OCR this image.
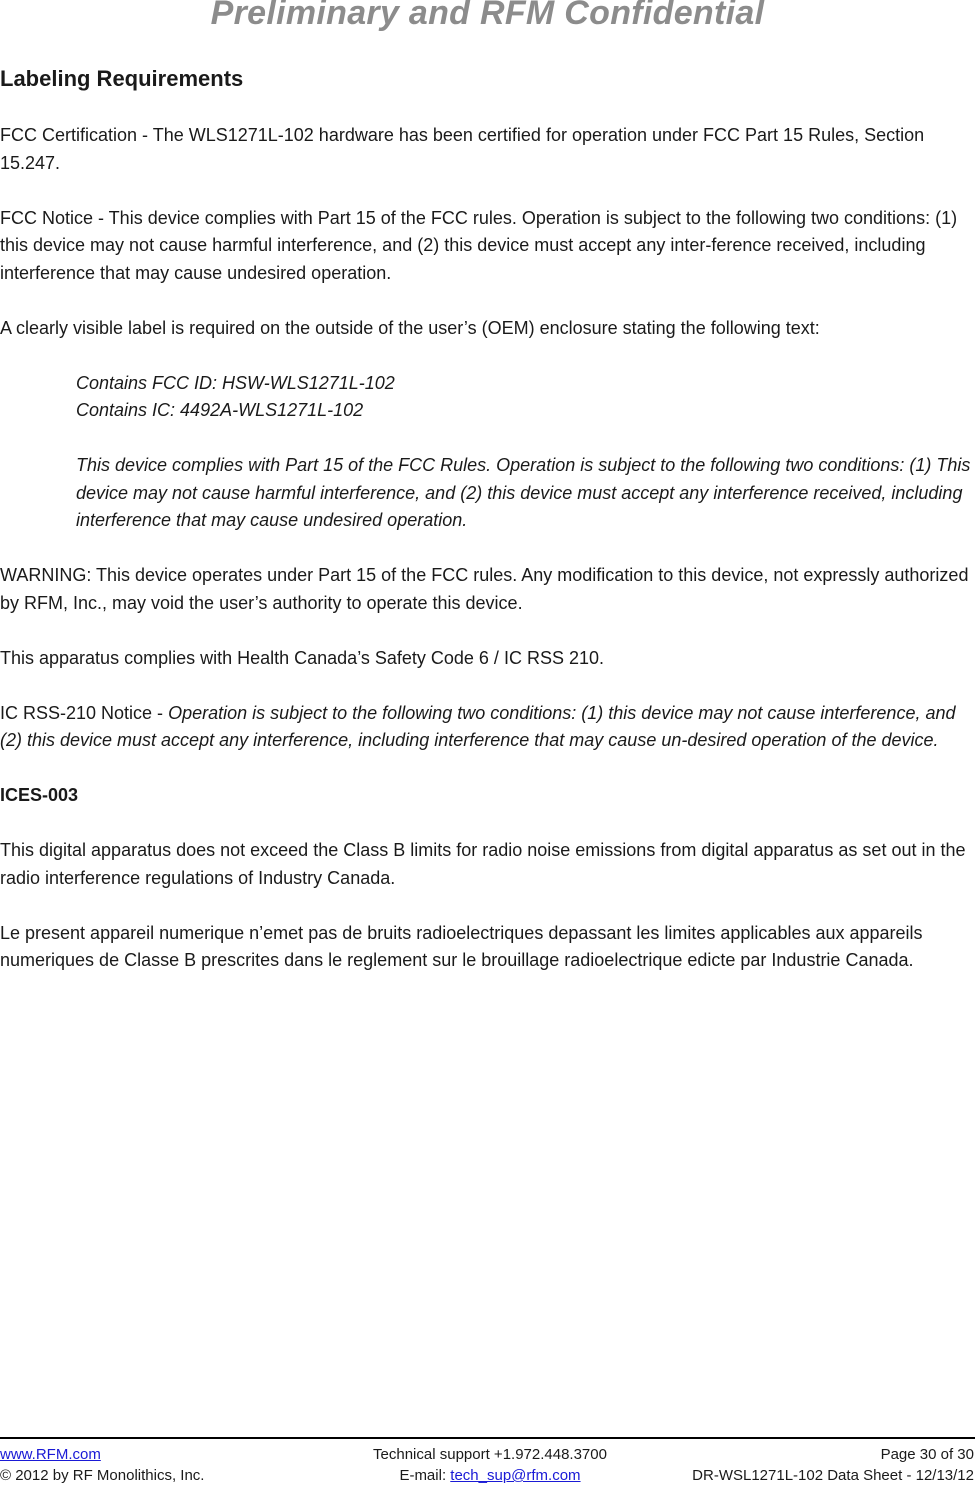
Preliminary and RFM Confidential
Labeling Requirements
FCC Certification - The WLS1271L-102 hardware has been certified for operation under FCC Part 15 Rules, Section 15.247.
FCC Notice - This device complies with Part 15 of the FCC rules. Operation is subject to the following two conditions: (1) this device may not cause harmful interference, and (2) this device must accept any inter-ference received, including interference that may cause undesired operation.
A clearly visible label is required on the outside of the user’s (OEM) enclosure stating the following text:
Contains FCC ID: HSW-WLS1271L-102
Contains IC: 4492A-WLS1271L-102
This device complies with Part 15 of the FCC Rules. Operation is subject to the following two conditions: (1) This device may not cause harmful interference, and (2) this device must accept any interference received, including interference that may cause undesired operation.
WARNING: This device operates under Part 15 of the FCC rules. Any modification to this device, not expressly authorized by RFM, Inc., may void the user’s authority to operate this device.
This apparatus complies with Health Canada’s Safety Code 6 / IC RSS 210.
IC RSS-210 Notice - Operation is subject to the following two conditions: (1) this device may not cause interference, and (2) this device must accept any interference, including interference that may cause un-desired operation of the device.
ICES-003
This digital apparatus does not exceed the Class B limits for radio noise emissions from digital apparatus as set out in the radio interference regulations of Industry Canada.
Le present appareil numerique n’emet pas de bruits radioelectriques depassant les limites applicables aux appareils numeriques de Classe B prescrites dans le reglement sur le brouillage radioelectrique edicte par Industrie Canada.
www.RFM.com	Technical support +1.972.448.3700	Page 30 of 30
© 2012 by RF Monolithics, Inc.	E-mail: tech_sup@rfm.com	DR-WSL1271L-102 Data Sheet - 12/13/12
